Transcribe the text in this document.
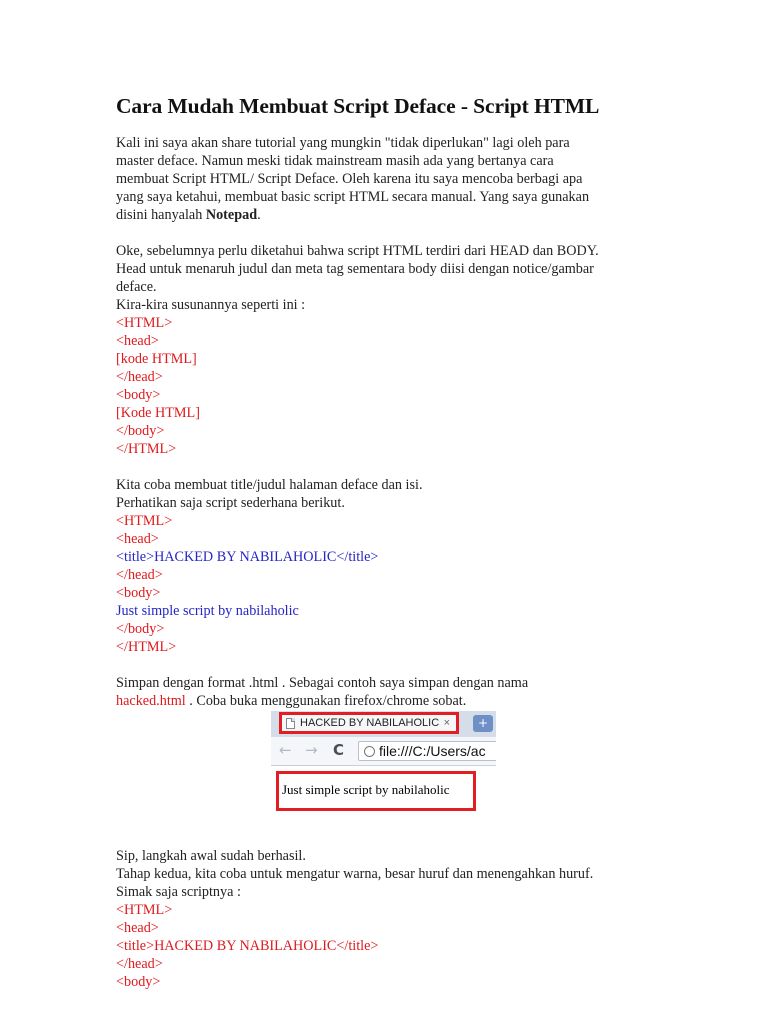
Cara Mudah Membuat Script Deface - Script HTML
Kali ini saya akan share tutorial yang mungkin "tidak diperlukan" lagi oleh para
master deface. Namun meski tidak mainstream masih ada yang bertanya cara
membuat Script HTML/ Script Deface. Oleh karena itu saya mencoba berbagi apa
yang saya ketahui, membuat basic script HTML secara manual. Yang saya gunakan
disini hanyalah Notepad.
Oke, sebelumnya perlu diketahui bahwa script HTML terdiri dari HEAD dan BODY.
Head untuk menaruh judul dan meta tag sementara body diisi dengan notice/gambar
deface.
Kira-kira susunannya seperti ini :
<HTML>
<head>
[kode HTML]
</head>
<body>
[Kode HTML]
</body>
</HTML>
Kita coba membuat title/judul halaman deface dan isi.
Perhatikan saja script sederhana berikut.
<HTML>
<head>
<title>HACKED BY NABILAHOLIC</title>
</head>
<body>
Just simple script by nabilaholic
</body>
</HTML>
Simpan dengan format .html . Sebagai contoh saya simpan dengan nama
hacked.html . Coba buka menggunakan firefox/chrome sobat.
HACKED BY NABILAHOLIC ×	+
← → C	file:///C:/Users/ac
Just simple script by nabilaholic
Sip, langkah awal sudah berhasil.
Tahap kedua, kita coba untuk mengatur warna, besar huruf dan menengahkan huruf.
Simak saja scriptnya :
<HTML>
<head>
<title>HACKED BY NABILAHOLIC</title>
</head>
<body>
